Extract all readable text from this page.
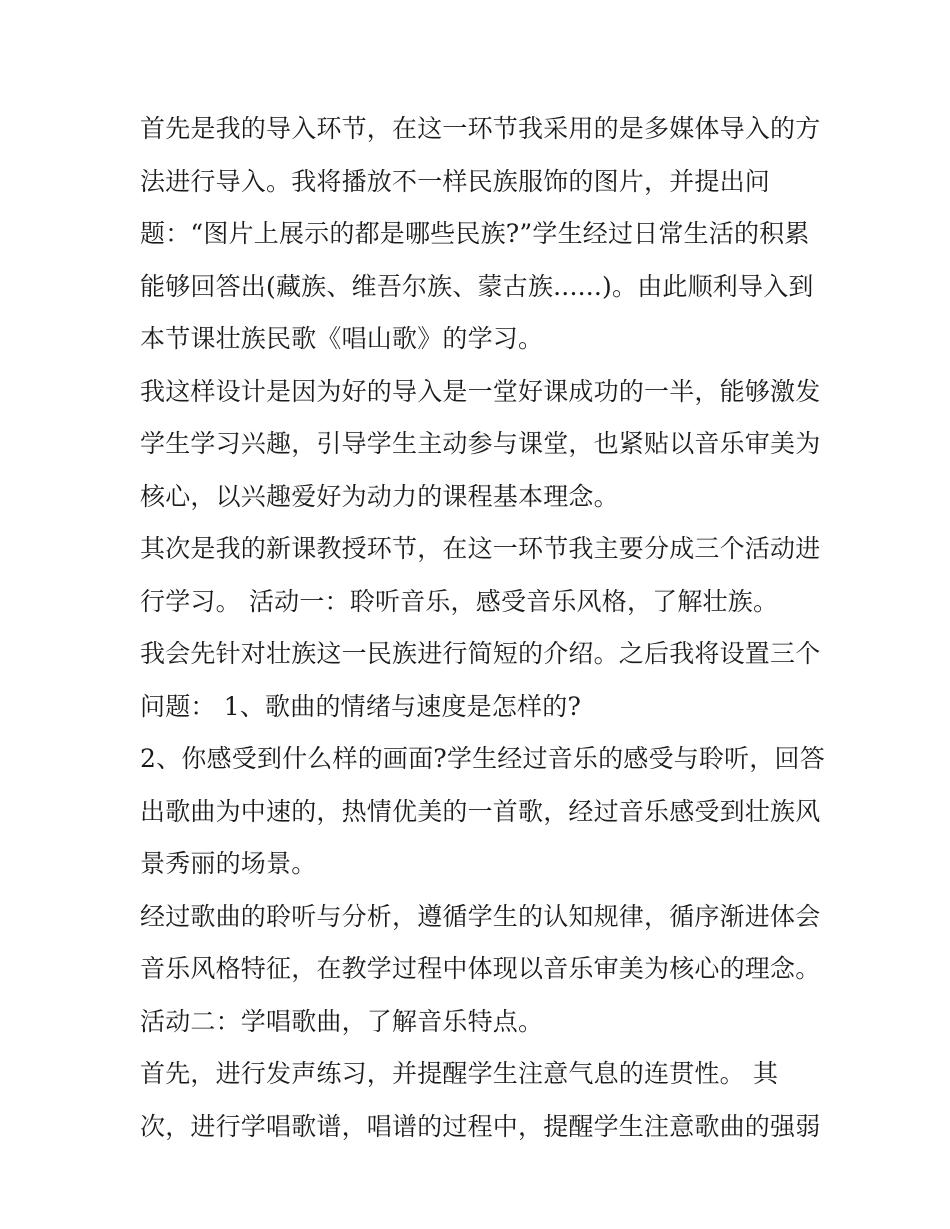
首先是我的导入环节，在这一环节我采用的是多媒体导入的方
法进行导入。我将播放不一样民族服饰的图片，并提出问
题：“图片上展示的都是哪些民族?”学生经过日常生活的积累
能够回答出(藏族、维吾尔族、蒙古族......)。由此顺利导入到
本节课壮族民歌《唱山歌》的学习。
我这样设计是因为好的导入是一堂好课成功的一半，能够激发
学生学习兴趣，引导学生主动参与课堂，也紧贴以音乐审美为
核心，以兴趣爱好为动力的课程基本理念。
其次是我的新课教授环节，在这一环节我主要分成三个活动进
行学习。 活动一：聆听音乐，感受音乐风格，了解壮族。
我会先针对壮族这一民族进行简短的介绍。之后我将设置三个
问题： 1、歌曲的情绪与速度是怎样的?
2、你感受到什么样的画面?学生经过音乐的感受与聆听，回答
出歌曲为中速的，热情优美的一首歌，经过音乐感受到壮族风
景秀丽的场景。
经过歌曲的聆听与分析，遵循学生的认知规律，循序渐进体会
音乐风格特征，在教学过程中体现以音乐审美为核心的理念。
活动二：学唱歌曲，了解音乐特点。
首先，进行发声练习，并提醒学生注意气息的连贯性。 其
次，进行学唱歌谱，唱谱的过程中，提醒学生注意歌曲的强弱
